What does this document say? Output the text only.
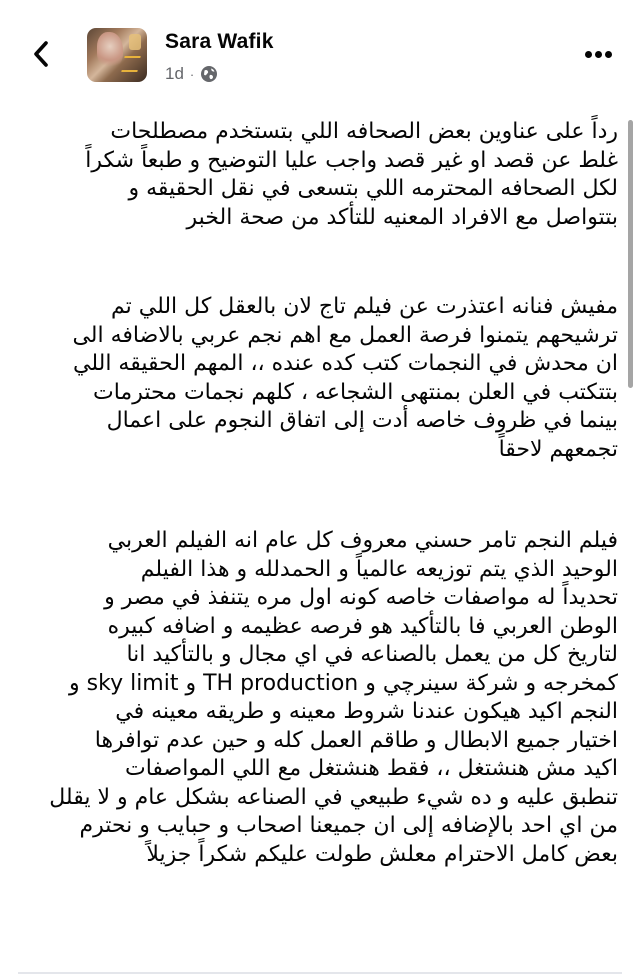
Sara Wafik
1d ·

رداً على عناوين بعض الصحافه اللي بتستخدم مصطلحات
غلط عن قصد او غير قصد واجب عليا التوضيح و طبعاً شكراً
لكل الصحافه المحترمه اللي بتسعى في نقل الحقيقه و
بتتواصل مع الافراد المعنيه للتأكد من صحة الخبر

مفيش فنانه اعتذرت عن فيلم تاج لان بالعقل كل اللي تم
ترشيحهم يتمنوا فرصة العمل مع اهم نجم عربي بالاضافه الى
ان محدش في النجمات كتب كده عنده ،، المهم الحقيقه اللي
بتتكتب في العلن بمنتهى الشجاعه ، كلهم نجمات محترمات
بينما في ظروف خاصه أدت إلى اتفاق النجوم على اعمال
تجمعهم لاحقاً

فيلم النجم تامر حسني معروف كل عام انه الفيلم العربي
الوحيد الذي يتم توزيعه عالمياً و الحمدلله و هذا الفيلم
تحديداً له مواصفات خاصه كونه اول مره يتنفذ في مصر و
الوطن العربي فا بالتأكيد هو فرصه عظيمه و اضافه كبيره
لتاريخ كل من يعمل بالصناعه في اي مجال و بالتأكيد انا
كمخرجه و شركة سينرچي و TH production و sky limit و
النجم اكيد هيكون عندنا شروط معينه و طريقه معينه في
اختيار جميع الابطال و طاقم العمل كله و حين عدم توافرها
اكيد مش هنشتغل ،، فقط هنشتغل مع اللي المواصفات
تنطبق عليه و ده شيء طبيعي في الصناعه بشكل عام و لا يقلل
من اي احد بالإضافه إلى ان جميعنا اصحاب و حبايب و نحترم
بعض كامل الاحترام معلش طولت عليكم شكراً جزيلاً
